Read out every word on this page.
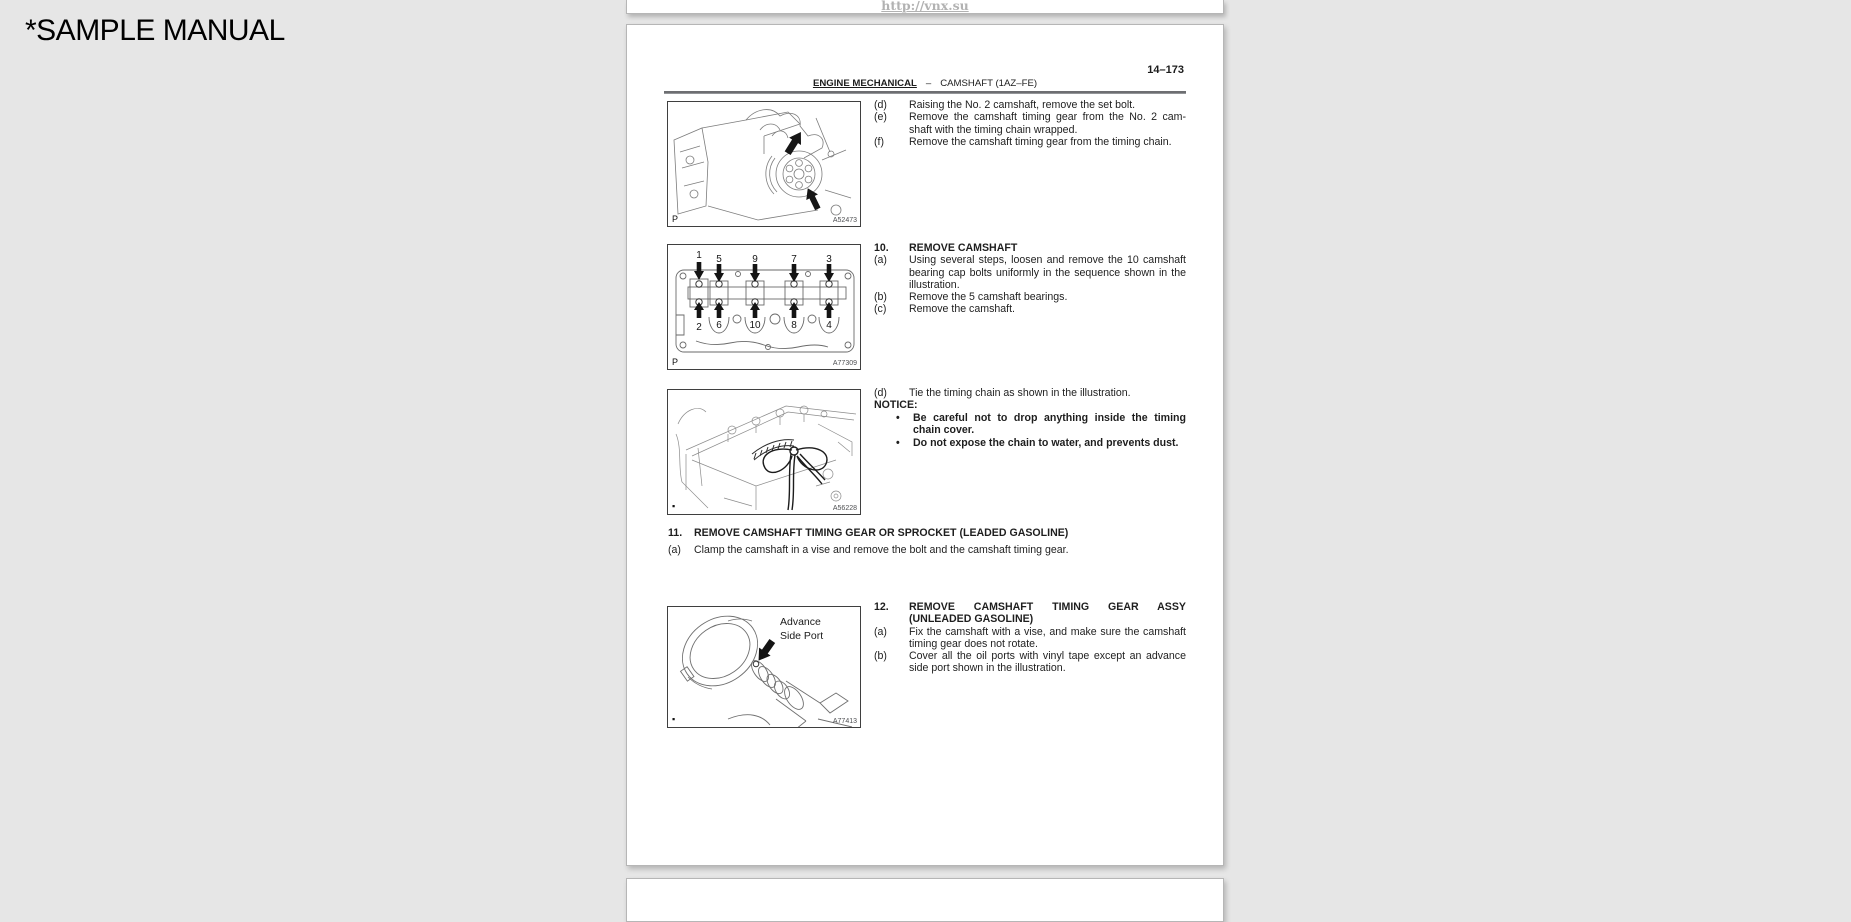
*SAMPLE MANUAL
http://vnx.su
14–173
ENGINE MECHANICAL – CAMSHAFT (1AZ–FE)
P	A52473
1 5	9	7	3
2 6	10	8	4
P	A77309
▪	A56228
Advance
Side Port
▪	A77413
(d)	Raising the No. 2 camshaft, remove the set bolt.
(e)	Remove the camshaft timing gear from the No. 2 cam-
shaft with the timing chain wrapped.
(f)	Remove the camshaft timing gear from the timing chain.
10.	REMOVE CAMSHAFT
(a)	Using several steps, loosen and remove the 10 camshaft
bearing cap bolts uniformly in the sequence shown in the
illustration.
(b)	Remove the 5 camshaft bearings.
(c)	Remove the camshaft.
(d)	Tie the timing chain as shown in the illustration.
NOTICE:
•	Be careful not to drop anything inside the timing
chain cover.
•	Do not expose the chain to water, and prevents dust.
11.	REMOVE CAMSHAFT TIMING GEAR OR SPROCKET (LEADED GASOLINE)
(a)	Clamp the camshaft in a vise and remove the bolt and the camshaft timing gear.
12.	REMOVE CAMSHAFT TIMING GEAR ASSY
(UNLEADED GASOLINE)
(a)	Fix the camshaft with a vise, and make sure the camshaft
timing gear does not rotate.
(b)	Cover all the oil ports with vinyl tape except an advance
side port shown in the illustration.
